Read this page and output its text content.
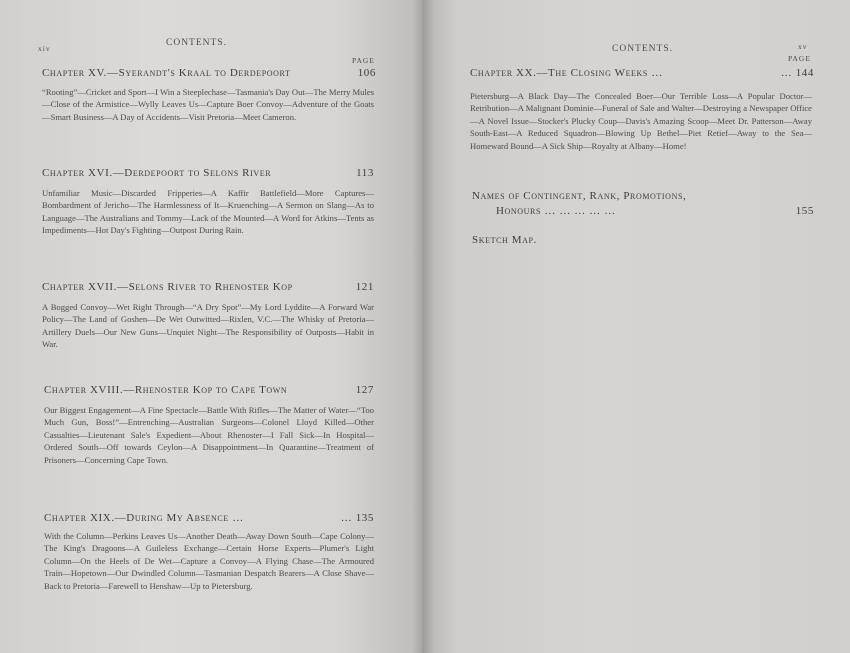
xiv
CONTENTS.
PAGE
Chapter XV.—Syerandt's Kraal to Derdepoort	106
“Rooting”—Cricket and Sport—I Win a Steeplechase—Tasmania's Day Out—The Merry Mules—Close of the Armistice—Wylly Leaves Us—Capture Boer Convoy—Adventure of the Goats—Smart Business—A Day of Accidents—Visit Pretoria—Meet Cameron.
Chapter XVI.—Derdepoort to Selons River	113
Unfamiliar Music—Discarded Fripperies—A Kaffir Battlefield—More Captures—Bombardment of Jericho—The Harmlessness of It—Kruenching—A Sermon on Slang—As to Language—The Australians and Tommy—Lack of the Mounted—A Word for Atkins—Tents as Impediments—Hot Day's Fighting—Outpost During Rain.
Chapter XVII.—Selons River to Rhenoster Kop	121
A Bogged Convoy—Wet Right Through—“A Dry Spot”—My Lord Lyddite—A Forward War Policy—The Land of Goshen—De Wet Outwitted—Rixlen, V.C.—The Whisky of Pretoria—Artillery Duels—Our New Guns—Unquiet Night—The Responsibility of Outposts—Habit in War.
Chapter XVIII.—Rhenoster Kop to Cape Town	127
Our Biggest Engagement—A Fine Spectacle—Battle With Rifles—The Matter of Water—“Too Much Gun, Boss!”—Entrenching—Australian Surgeons—Colonel Lloyd Killed—Other Casualties—Lieutenant Sale's Expedient—About Rhenoster—I Fall Sick—In Hospital—Ordered South—Off towards Ceylon—A Disappointment—In Quarantine—Treatment of Prisoners—Concerning Cape Town.
Chapter XIX.—During My Absence …	… 135
With the Column—Perkins Leaves Us—Another Death—Away Down South—Cape Colony—The King's Dragoons—A Guileless Exchange—Certain Horse Experts—Plumer's Light Column—On the Heels of De Wet—Capture a Convoy—A Flying Chase—The Armoured Train—Hopetown—Our Dwindled Column—Tasmanian Despatch Bearers—A Close Shave—Back to Pretoria—Farewell to Henshaw—Up to Pietersburg.
CONTENTS.	xv
PAGE
Chapter XX.—The Closing Weeks …	… 144
Pietersburg—A Black Day—The Concealed Boer—Our Terrible Loss—A Popular Doctor—Retribution—A Malignant Dominie—Funeral of Sale and Walter—Destroying a Newspaper Office—A Novel Issue—Stocker's Plucky Coup—Davis's Amazing Scoop—Meet Dr. Patterson—Away South-East—A Reduced Squadron—Blowing Up Bethel—Piet Retief—Away to the Sea—Homeward Bound—A Sick Ship—Royalty at Albany—Home!
Names of Contingent, Rank, Promotions,
Honours … … … … …	155
Sketch Map.
